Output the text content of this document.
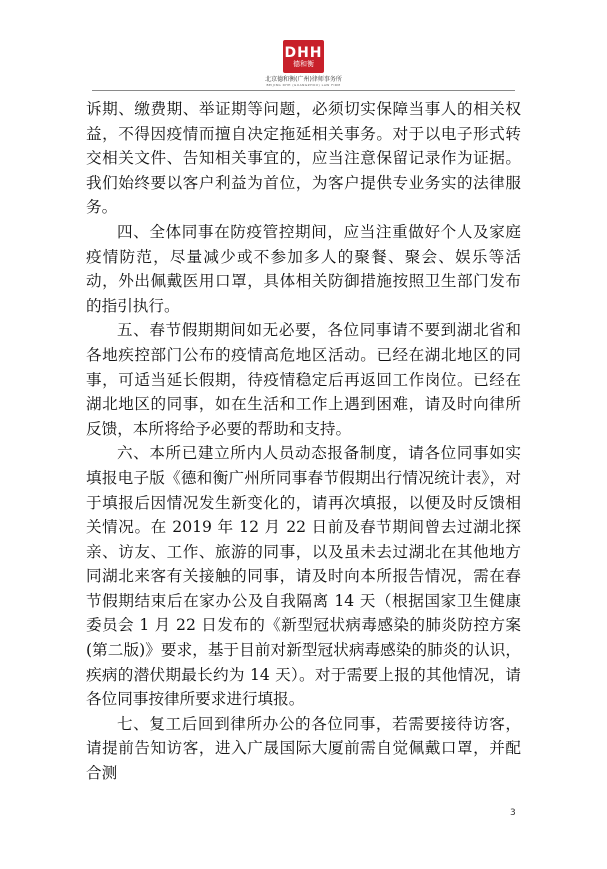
DHH
德和衡
北京德和衡(广州)律师事务所
BEIJING DHH (GUANGZHOU) LAW FIRM

诉期、缴费期、举证期等问题，必须切实保障当事人的相关权益，不得因疫情而擅自决定拖延相关事务。对于以电子形式转交相关文件、告知相关事宜的，应当注意保留记录作为证据。我们始终要以客户利益为首位，为客户提供专业务实的法律服务。

四、全体同事在防疫管控期间，应当注重做好个人及家庭疫情防范，尽量减少或不参加多人的聚餐、聚会、娱乐等活动，外出佩戴医用口罩，具体相关防御措施按照卫生部门发布的指引执行。

五、春节假期期间如无必要，各位同事请不要到湖北省和各地疾控部门公布的疫情高危地区活动。已经在湖北地区的同事，可适当延长假期，待疫情稳定后再返回工作岗位。已经在湖北地区的同事，如在生活和工作上遇到困难，请及时向律所反馈，本所将给予必要的帮助和支持。

六、本所已建立所内人员动态报备制度，请各位同事如实填报电子版《德和衡广州所同事春节假期出行情况统计表》，对于填报后因情况发生新变化的，请再次填报，以便及时反馈相关情况。在 2019 年 12 月 22 日前及春节期间曾去过湖北探亲、访友、工作、旅游的同事，以及虽未去过湖北在其他地方同湖北来客有关接触的同事，请及时向本所报告情况，需在春节假期结束后在家办公及自我隔离 14 天（根据国家卫生健康委员会 1 月 22 日发布的《新型冠状病毒感染的肺炎防控方案(第二版)》要求，基于目前对新型冠状病毒感染的肺炎的认识，疾病的潜伏期最长约为 14 天）。对于需要上报的其他情况，请各位同事按律所要求进行填报。

七、复工后回到律所办公的各位同事，若需要接待访客，请提前告知访客，进入广晟国际大厦前需自觉佩戴口罩，并配合测

3
